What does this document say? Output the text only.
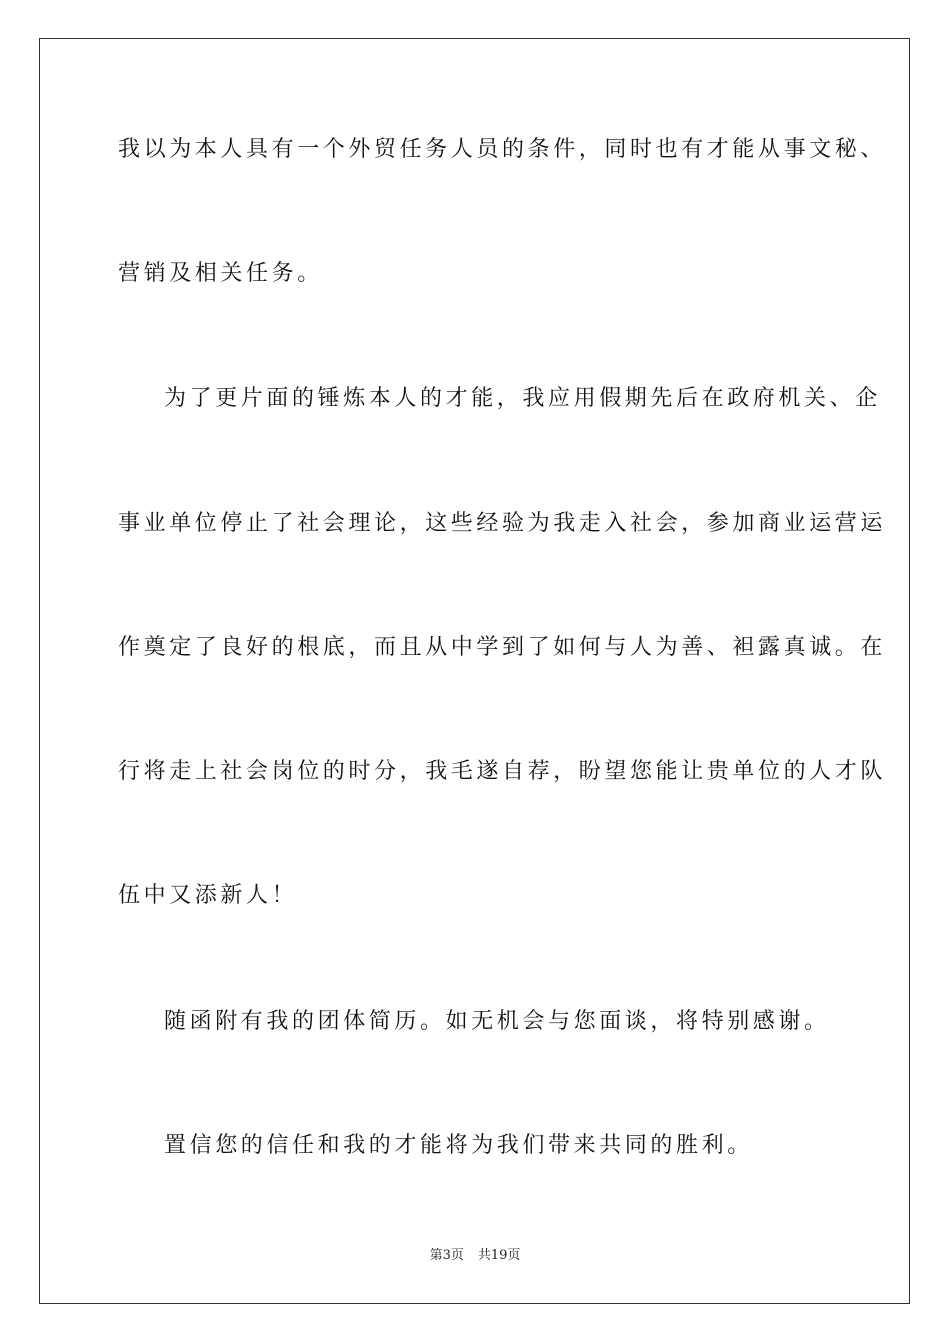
我以为本人具有一个外贸任务人员的条件，同时也有才能从事文秘、
营销及相关任务。
为了更片面的锤炼本人的才能，我应用假期先后在政府机关、企
事业单位停止了社会理论，这些经验为我走入社会，参加商业运营运
作奠定了良好的根底，而且从中学到了如何与人为善、袒露真诚。在
行将走上社会岗位的时分，我毛遂自荐，盼望您能让贵单位的人才队
伍中又添新人！
随函附有我的团体简历。如无机会与您面谈，将特别感谢。
置信您的信任和我的才能将为我们带来共同的胜利。
第3页 共19页
